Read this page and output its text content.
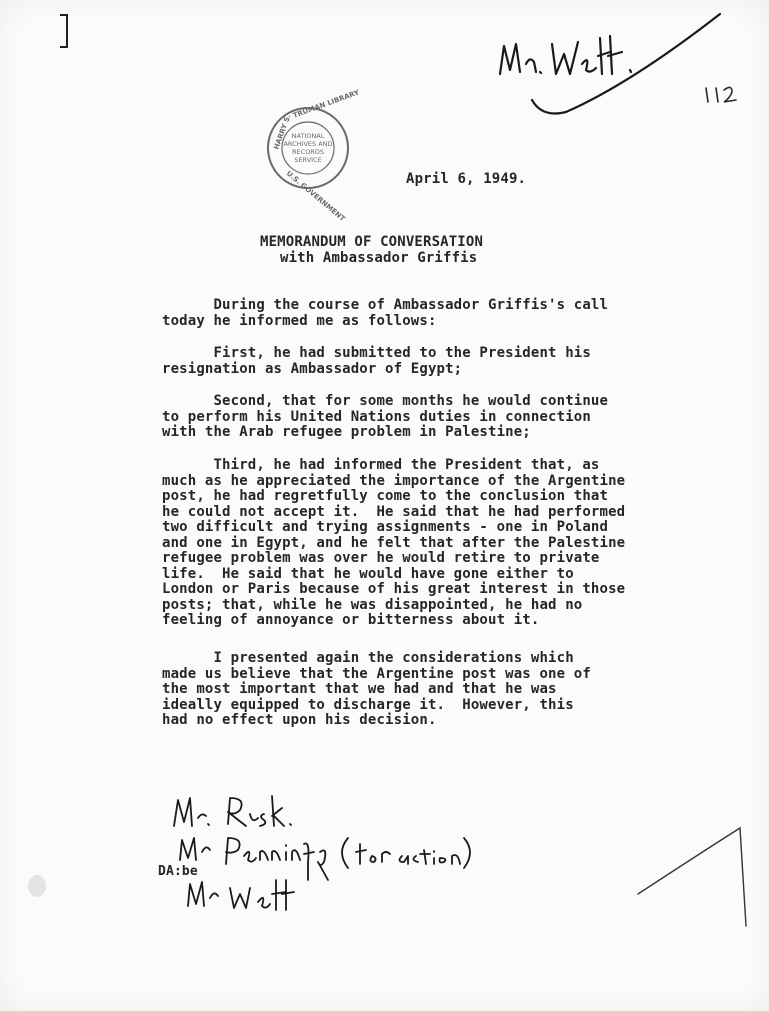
NATIONAL
ARCHIVES AND
RECORDS
SERVICE
HARRY S.
TRUMAN LIBRARY
U.S. GOVERNMENT	April 6, 1949.
MEMORANDUM OF CONVERSATION
with Ambassador Griffis
During the course of Ambassador Griffis's call
today he informed me as follows:
First, he had submitted to the President his
resignation as Ambassador of Egypt;
Second, that for some months he would continue
to perform his United Nations duties in connection
with the Arab refugee problem in Palestine;
Third, he had informed the President that, as
much as he appreciated the importance of the Argentine
post, he had regretfully come to the conclusion that
he could not accept it.  He said that he had performed
two difficult and trying assignments - one in Poland
and one in Egypt, and he felt that after the Palestine
refugee problem was over he would retire to private
life.  He said that he would have gone either to
London or Paris because of his great interest in those
posts; that, while he was disappointed, he had no
feeling of annoyance or bitterness about it.
I presented again the considerations which
made us believe that the Argentine post was one of
the most important that we had and that he was
ideally equipped to discharge it.  However, this
had no effect upon his decision.
DA:be
